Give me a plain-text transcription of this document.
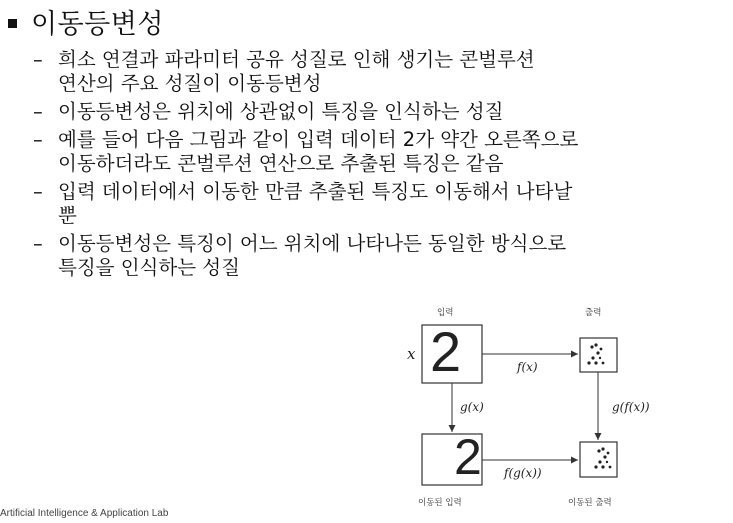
이동등변성
– 희소 연결과 파라미터 공유 성질로 인해 생기는 콘벌루션
연산의 주요 성질이 이동등변성
– 이동등변성은 위치에 상관없이 특징을 인식하는 성질
– 예를 들어 다음 그림과 같이 입력 데이터 2가 약간 오른쪽으로
이동하더라도 콘벌루션 연산으로 추출된 특징은 같음
– 입력 데이터에서 이동한 만큼 추출된 특징도 이동해서 나타날
뿐
– 이동등변성은 특징이 어느 위치에 나타나든 동일한 방식으로
특징을 인식하는 성질
입력	출력
이동된 입력	이동된 출력
x 2
2
f(x)
g(x)	g(f(x))
f(g(x))
Artificial Intelligence & Application Lab
